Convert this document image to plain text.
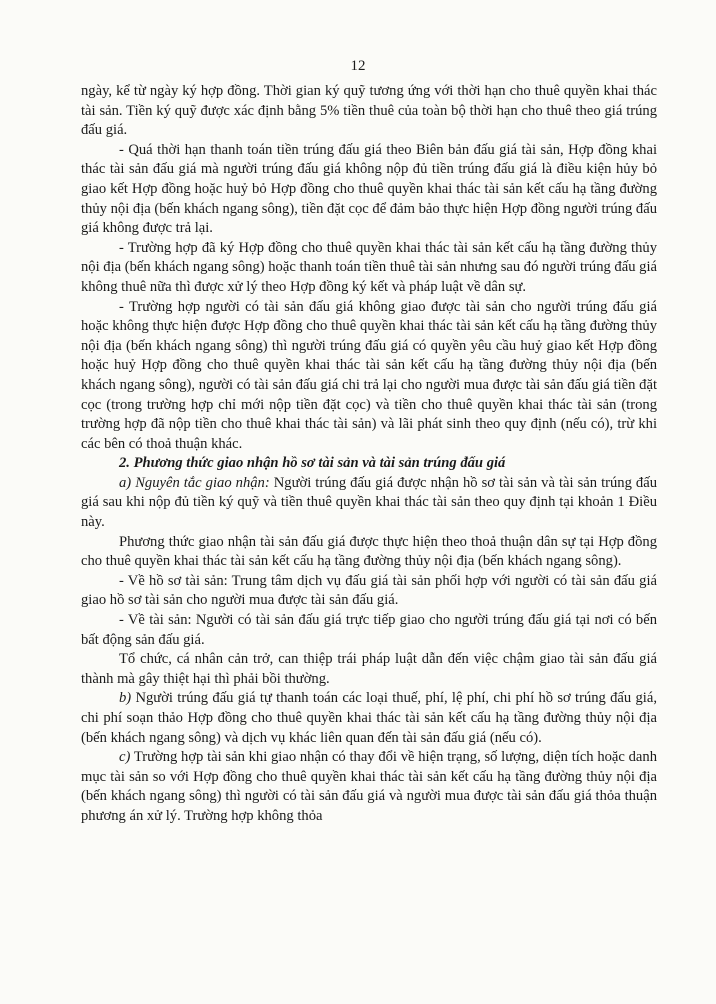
12

ngày, kể từ ngày ký hợp đồng. Thời gian ký quỹ tương ứng với thời hạn cho thuê quyền khai thác tài sản. Tiền ký quỹ được xác định bằng 5% tiền thuê của toàn bộ thời hạn cho thuê theo giá trúng đấu giá.

- Quá thời hạn thanh toán tiền trúng đấu giá theo Biên bản đấu giá tài sản, Hợp đồng khai thác tài sản đấu giá mà người trúng đấu giá không nộp đủ tiền trúng đấu giá là điều kiện hủy bỏ giao kết Hợp đồng hoặc huỷ bỏ Hợp đồng cho thuê quyền khai thác tài sản kết cấu hạ tầng đường thủy nội địa (bến khách ngang sông), tiền đặt cọc để đảm bảo thực hiện Hợp đồng người trúng đấu giá không được trả lại.

- Trường hợp đã ký Hợp đồng cho thuê quyền khai thác tài sản kết cấu hạ tầng đường thủy nội địa (bến khách ngang sông) hoặc thanh toán tiền thuê tài sản nhưng sau đó người trúng đấu giá không thuê nữa thì được xử lý theo Hợp đồng ký kết và pháp luật về dân sự.

- Trường hợp người có tài sản đấu giá không giao được tài sản cho người trúng đấu giá hoặc không thực hiện được Hợp đồng cho thuê quyền khai thác tài sản kết cấu hạ tầng đường thủy nội địa (bến khách ngang sông) thì người trúng đấu giá có quyền yêu cầu huỷ giao kết Hợp đồng hoặc huỷ Hợp đồng cho thuê quyền khai thác tài sản kết cấu hạ tầng đường thủy nội địa (bến khách ngang sông), người có tài sản đấu giá chi trả lại cho người mua được tài sản đấu giá tiền đặt cọc (trong trường hợp chỉ mới nộp tiền đặt cọc) và tiền cho thuê quyền khai thác tài sản (trong trường hợp đã nộp tiền cho thuê khai thác tài sản) và lãi phát sinh theo quy định (nếu có), trừ khi các bên có thoả thuận khác.

2. Phương thức giao nhận hồ sơ tài sản và tài sản trúng đấu giá

a) Nguyên tắc giao nhận: Người trúng đấu giá được nhận hồ sơ tài sản và tài sản trúng đấu giá sau khi nộp đủ tiền ký quỹ và tiền thuê quyền khai thác tài sản theo quy định tại khoản 1 Điều này.

Phương thức giao nhận tài sản đấu giá được thực hiện theo thoả thuận dân sự tại Hợp đồng cho thuê quyền khai thác tài sản kết cấu hạ tầng đường thủy nội địa (bến khách ngang sông).

- Về hồ sơ tài sản: Trung tâm dịch vụ đấu giá tài sản phối hợp với người có tài sản đấu giá giao hồ sơ tài sản cho người mua được tài sản đấu giá.

- Về tài sản: Người có tài sản đấu giá trực tiếp giao cho người trúng đấu giá tại nơi có bến bất động sản đấu giá.

Tổ chức, cá nhân cản trở, can thiệp trái pháp luật dẫn đến việc chậm giao tài sản đấu giá thành mà gây thiệt hại thì phải bồi thường.

b) Người trúng đấu giá tự thanh toán các loại thuế, phí, lệ phí, chi phí hồ sơ trúng đấu giá, chi phí soạn thảo Hợp đồng cho thuê quyền khai thác tài sản kết cấu hạ tầng đường thủy nội địa (bến khách ngang sông) và dịch vụ khác liên quan đến tài sản đấu giá (nếu có).

c) Trường hợp tài sản khi giao nhận có thay đổi về hiện trạng, số lượng, diện tích hoặc danh mục tài sản so với Hợp đồng cho thuê quyền khai thác tài sản kết cấu hạ tầng đường thủy nội địa (bến khách ngang sông) thì người có tài sản đấu giá và người mua được tài sản đấu giá thỏa thuận phương án xử lý. Trường hợp không thỏa
